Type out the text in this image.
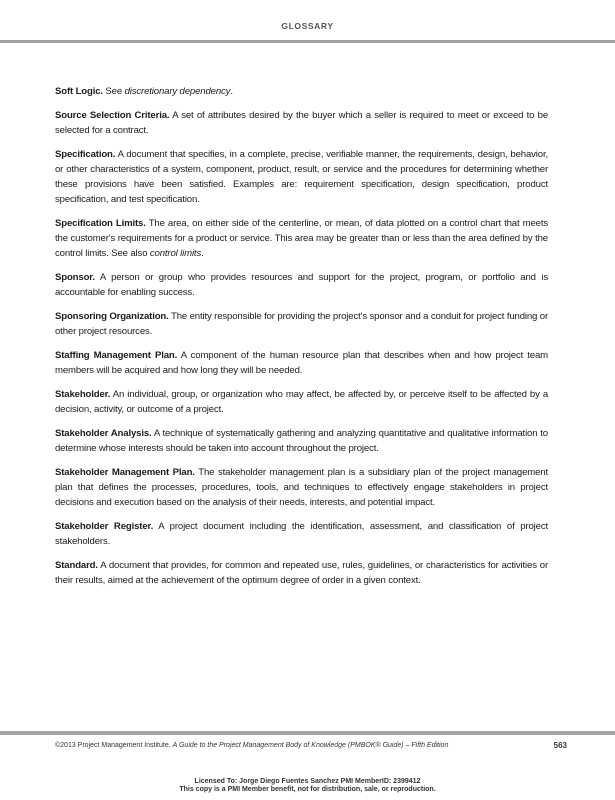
GLOSSARY

Soft Logic. See discretionary dependency.

Source Selection Criteria. A set of attributes desired by the buyer which a seller is required to meet or exceed to be selected for a contract.

Specification. A document that specifies, in a complete, precise, verifiable manner, the requirements, design, behavior, or other characteristics of a system, component, product, result, or service and the procedures for determining whether these provisions have been satisfied. Examples are: requirement specification, design specification, product specification, and test specification.

Specification Limits. The area, on either side of the centerline, or mean, of data plotted on a control chart that meets the customer's requirements for a product or service. This area may be greater than or less than the area defined by the control limits. See also control limits.

Sponsor. A person or group who provides resources and support for the project, program, or portfolio and is accountable for enabling success.

Sponsoring Organization. The entity responsible for providing the project's sponsor and a conduit for project funding or other project resources.

Staffing Management Plan. A component of the human resource plan that describes when and how project team members will be acquired and how long they will be needed.

Stakeholder. An individual, group, or organization who may affect, be affected by, or perceive itself to be affected by a decision, activity, or outcome of a project.

Stakeholder Analysis. A technique of systematically gathering and analyzing quantitative and qualitative information to determine whose interests should be taken into account throughout the project.

Stakeholder Management Plan. The stakeholder management plan is a subsidiary plan of the project management plan that defines the processes, procedures, tools, and techniques to effectively engage stakeholders in project decisions and execution based on the analysis of their needs, interests, and potential impact.

Stakeholder Register. A project document including the identification, assessment, and classification of project stakeholders.

Standard. A document that provides, for common and repeated use, rules, guidelines, or characteristics for activities or their results, aimed at the achievement of the optimum degree of order in a given context.

©2013 Project Management Institute. A Guide to the Project Management Body of Knowledge (PMBOK® Guide) – Fifth Edition	563
Licensed To: Jorge Diego Fuentes Sanchez PMI MemberID: 2399412
This copy is a PMI Member benefit, not for distribution, sale, or reproduction.
